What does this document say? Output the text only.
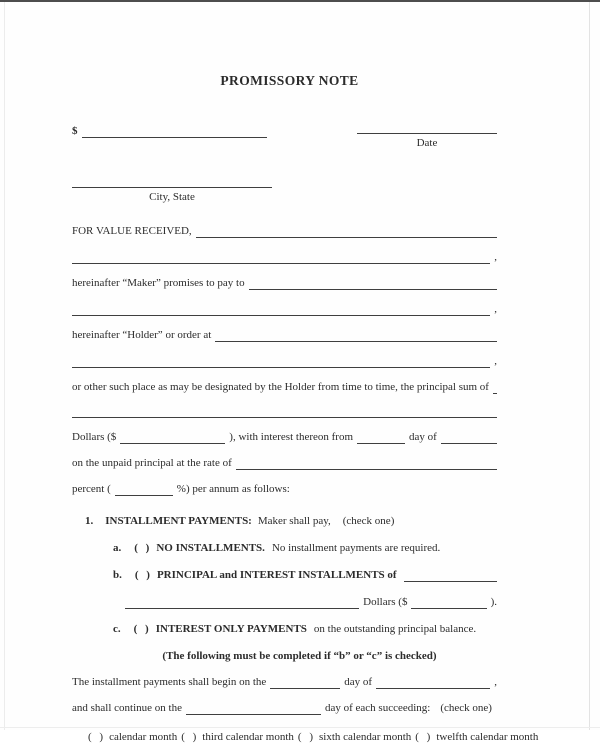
PROMISSORY NOTE
$
Date
City, State
FOR VALUE RECEIVED,
,
hereinafter “Maker” promises to pay to
,
hereinafter “Holder” or order at
,
or other such place as may be designated by the Holder from time to time, the principal sum of
Dollars ($	), with interest thereon from	day of
on the unpaid principal at the rate of
percent (	%) per annum as follows:
1. INSTALLMENT PAYMENTS: Maker shall pay, (check one)
a. ( ) NO INSTALLMENTS. No installment payments are required.
b. ( ) PRINCIPAL and INTEREST INSTALLMENTS of
Dollars ($	).
c. ( ) INTEREST ONLY PAYMENTS on the outstanding principal balance.
(The following must be completed if “b” or “c” is checked)
The installment payments shall begin on the	day of	,
and shall continue on the	day of each succeeding: (check one)
( ) calendar month ( ) third calendar month ( ) sixth calendar month ( ) twelfth calendar month
